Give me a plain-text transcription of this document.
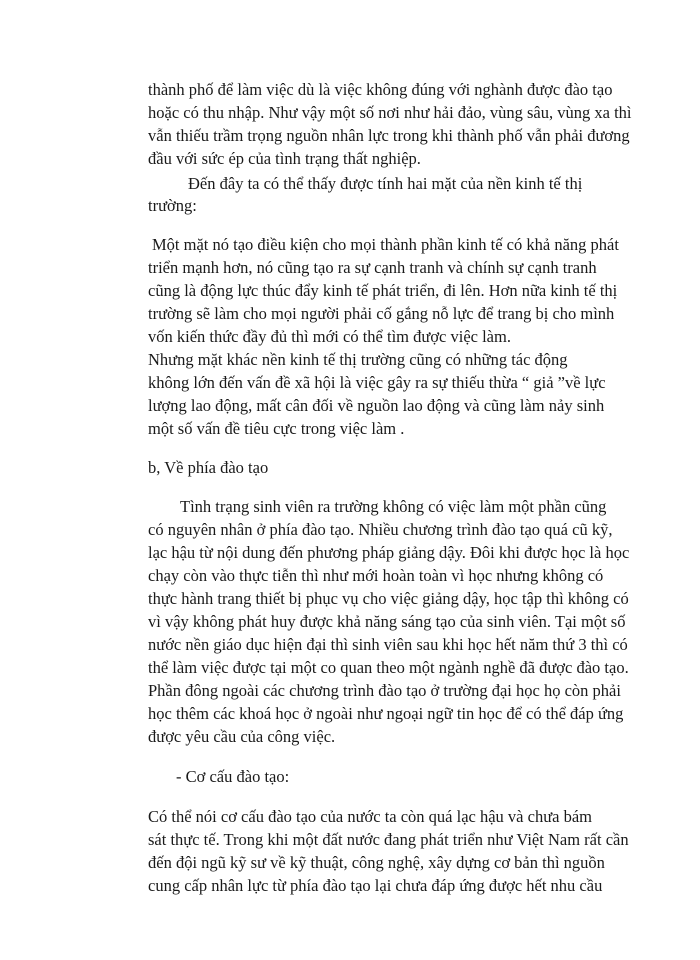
thành phố để làm việc dù là việc không đúng với nghành được đào tạo
hoặc có thu nhập. Như vậy một số nơi như hải đảo, vùng sâu, vùng xa thì
vẫn thiếu trầm trọng nguồn nhân lực trong khi thành phố vẫn phải đương
đầu với sức ép của tình trạng thất nghiệp.
Đến đây ta có thể thấy được tính hai mặt của nền kinh tế thị
trường:
Một mặt nó tạo điều kiện cho mọi thành phần kinh tế có khả năng phát
triển mạnh hơn, nó cũng tạo ra sự cạnh tranh và chính sự cạnh tranh
cũng là động lực thúc đẩy kinh tế phát triển, đi lên. Hơn nữa kinh tế thị
trường sẽ làm cho mọi người phải cố gắng nỗ lực để trang bị cho mình
vốn kiến thức đầy đủ thì mới có thể tìm được việc làm.
Nhưng mặt khác nền kinh tế thị trường cũng có những tác động
không lớn đến vấn đề xã hội là việc gây ra sự thiếu thừa “ giả ”về lực
lượng lao động, mất cân đối về nguồn lao động và cũng làm nảy sinh
một số vấn đề tiêu cực trong việc làm .
b, Về phía đào tạo
Tình trạng sinh viên ra trường không có việc làm một phần cũng
có nguyên nhân ở phía đào tạo. Nhiều chương trình đào tạo quá cũ kỹ,
lạc hậu từ nội dung đến phương pháp giảng dậy. Đôi khi được học là học
chạy còn vào thực tiễn thì như mới hoàn toàn vì học nhưng không có
thực hành trang thiết bị phục vụ cho việc giảng dậy, học tập thì không có
vì vậy không phát huy được khả năng sáng tạo của sinh viên. Tại một số
nước nền giáo dục hiện đại thì sinh viên sau khi học hết năm thứ 3 thì có
thể làm việc được tại một co quan theo một ngành nghề đã được đào tạo.
Phần đông ngoài các chương trình đào tạo ở trường đại học họ còn phải
học thêm các khoá học ở ngoài như ngoại ngữ tin học để có thể đáp ứng
được yêu cầu của công việc.
- Cơ cấu đào tạo:
Có thể nói cơ cấu đào tạo của nước ta còn quá lạc hậu và chưa bám
sát thực tế. Trong khi một đất nước đang phát triển như Việt Nam rất cần
đến đội ngũ kỹ sư về kỹ thuật, công nghệ, xây dựng cơ bản thì nguồn
cung cấp nhân lực từ phía đào tạo lại chưa đáp ứng được hết nhu cầu
